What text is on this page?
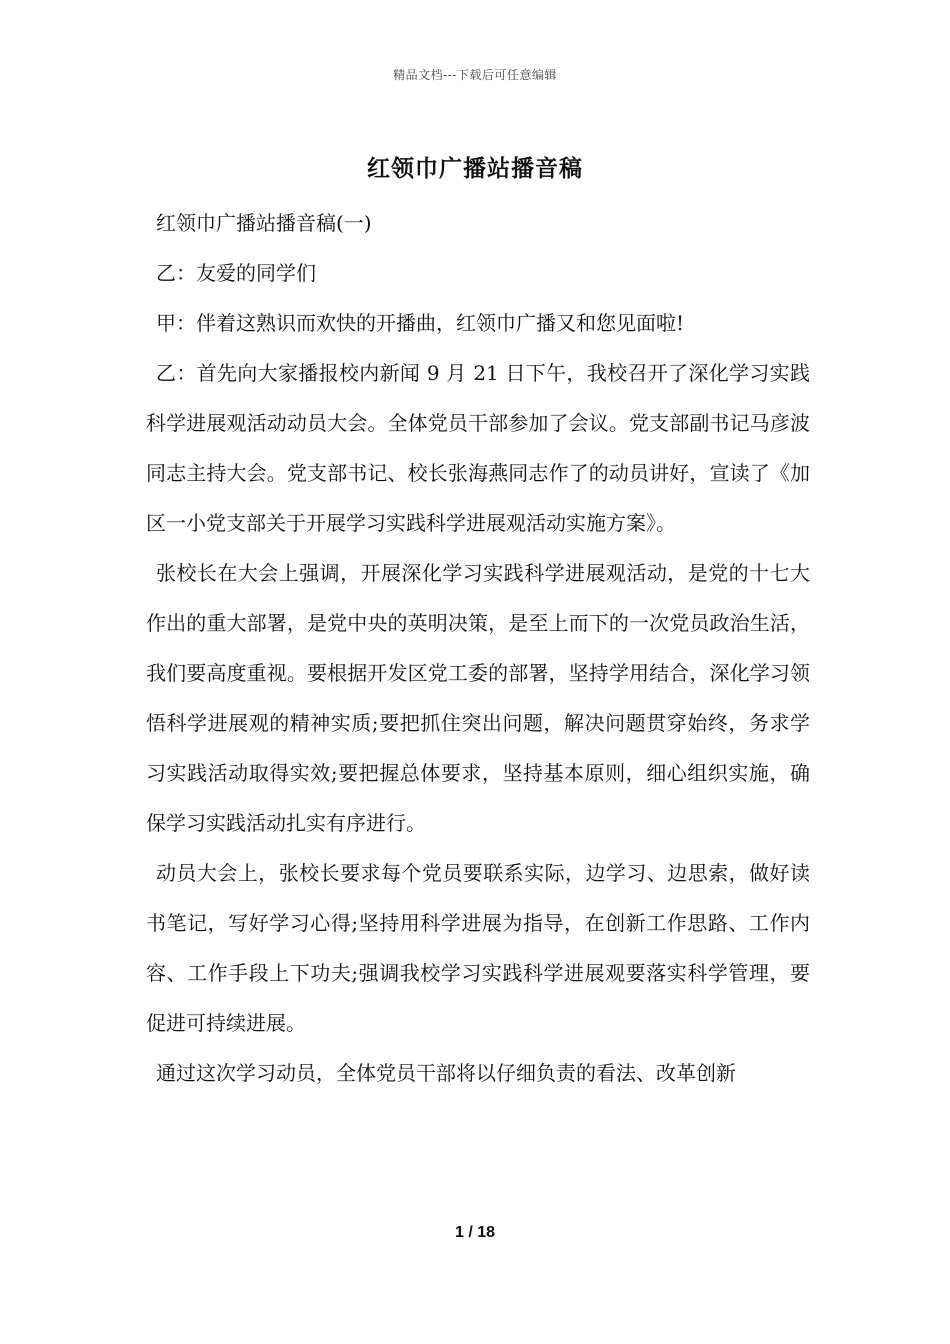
精品文档---下载后可任意编辑
红领巾广播站播音稿

红领巾广播站播音稿(一)

乙：友爱的同学们

甲：伴着这熟识而欢快的开播曲，红领巾广播又和您见面啦!

乙：首先向大家播报校内新闻 9 月 21 日下午，我校召开了深化学习实践科学进展观活动动员大会。全体党员干部参加了会议。党支部副书记马彦波同志主持大会。党支部书记、校长张海燕同志作了的动员讲好，宣读了《加区一小党支部关于开展学习实践科学进展观活动实施方案》。

张校长在大会上强调，开展深化学习实践科学进展观活动，是党的十七大作出的重大部署，是党中央的英明决策，是至上而下的一次党员政治生活，我们要高度重视。要根据开发区党工委的部署，坚持学用结合，深化学习领悟科学进展观的精神实质;要把抓住突出问题，解决问题贯穿始终，务求学习实践活动取得实效;要把握总体要求，坚持基本原则，细心组织实施，确保学习实践活动扎实有序进行。

动员大会上，张校长要求每个党员要联系实际，边学习、边思索，做好读书笔记，写好学习心得;坚持用科学进展为指导，在创新工作思路、工作内容、工作手段上下功夫;强调我校学习实践科学进展观要落实科学管理，要促进可持续进展。

通过这次学习动员，全体党员干部将以仔细负责的看法、改革创新

1 / 18
